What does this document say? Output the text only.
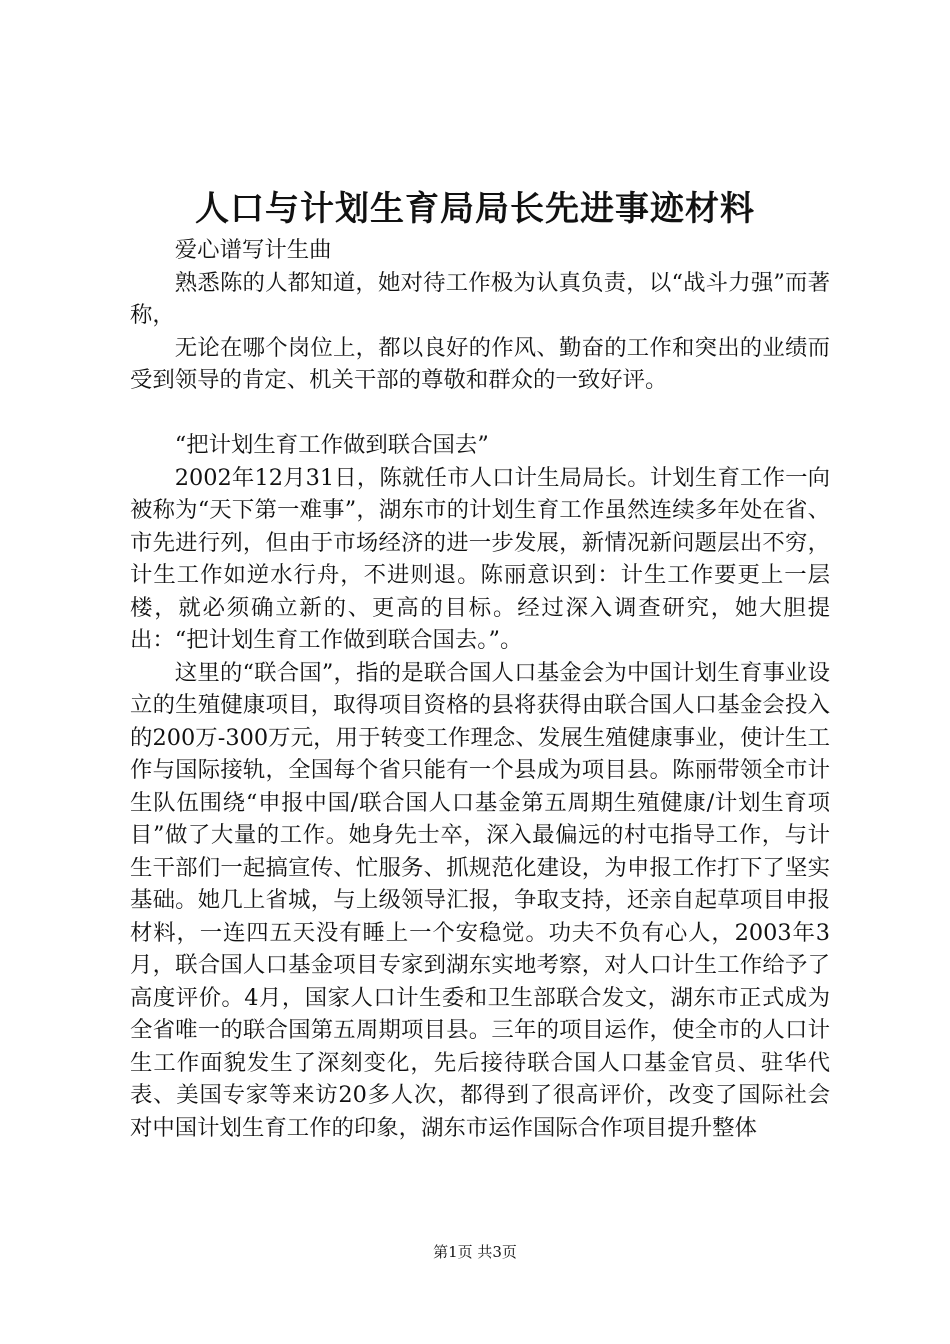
人口与计划生育局局长先进事迹材料

爱心谱写计生曲

熟悉陈的人都知道，她对待工作极为认真负责，以“战斗力强”而著称，

无论在哪个岗位上，都以良好的作风、勤奋的工作和突出的业绩而受到领导的肯定、机关干部的尊敬和群众的一致好评。

“把计划生育工作做到联合国去”

2002年12月31日，陈就任市人口计生局局长。计划生育工作一向被称为“天下第一难事”，湖东市的计划生育工作虽然连续多年处在省、市先进行列，但由于市场经济的进一步发展，新情况新问题层出不穷，计生工作如逆水行舟，不进则退。陈丽意识到：计生工作要更上一层楼，就必须确立新的、更高的目标。经过深入调查研究，她大胆提出：“把计划生育工作做到联合国去。”。

这里的“联合国”，指的是联合国人口基金会为中国计划生育事业设立的生殖健康项目，取得项目资格的县将获得由联合国人口基金会投入的200万-300万元，用于转变工作理念、发展生殖健康事业，使计生工作与国际接轨，全国每个省只能有一个县成为项目县。陈丽带领全市计生队伍围绕“申报中国/联合国人口基金第五周期生殖健康/计划生育项目”做了大量的工作。她身先士卒，深入最偏远的村屯指导工作，与计生干部们一起搞宣传、忙服务、抓规范化建设，为申报工作打下了坚实基础。她几上省城，与上级领导汇报，争取支持，还亲自起草项目申报材料，一连四五天没有睡上一个安稳觉。功夫不负有心人，2003年3月，联合国人口基金项目专家到湖东实地考察，对人口计生工作给予了高度评价。4月，国家人口计生委和卫生部联合发文，湖东市正式成为全省唯一的联合国第五周期项目县。三年的项目运作，使全市的人口计生工作面貌发生了深刻变化，先后接待联合国人口基金官员、驻华代表、美国专家等来访20多人次，都得到了很高评价，改变了国际社会对中国计划生育工作的印象，湖东市运作国际合作项目提升整体

第1页 共3页
